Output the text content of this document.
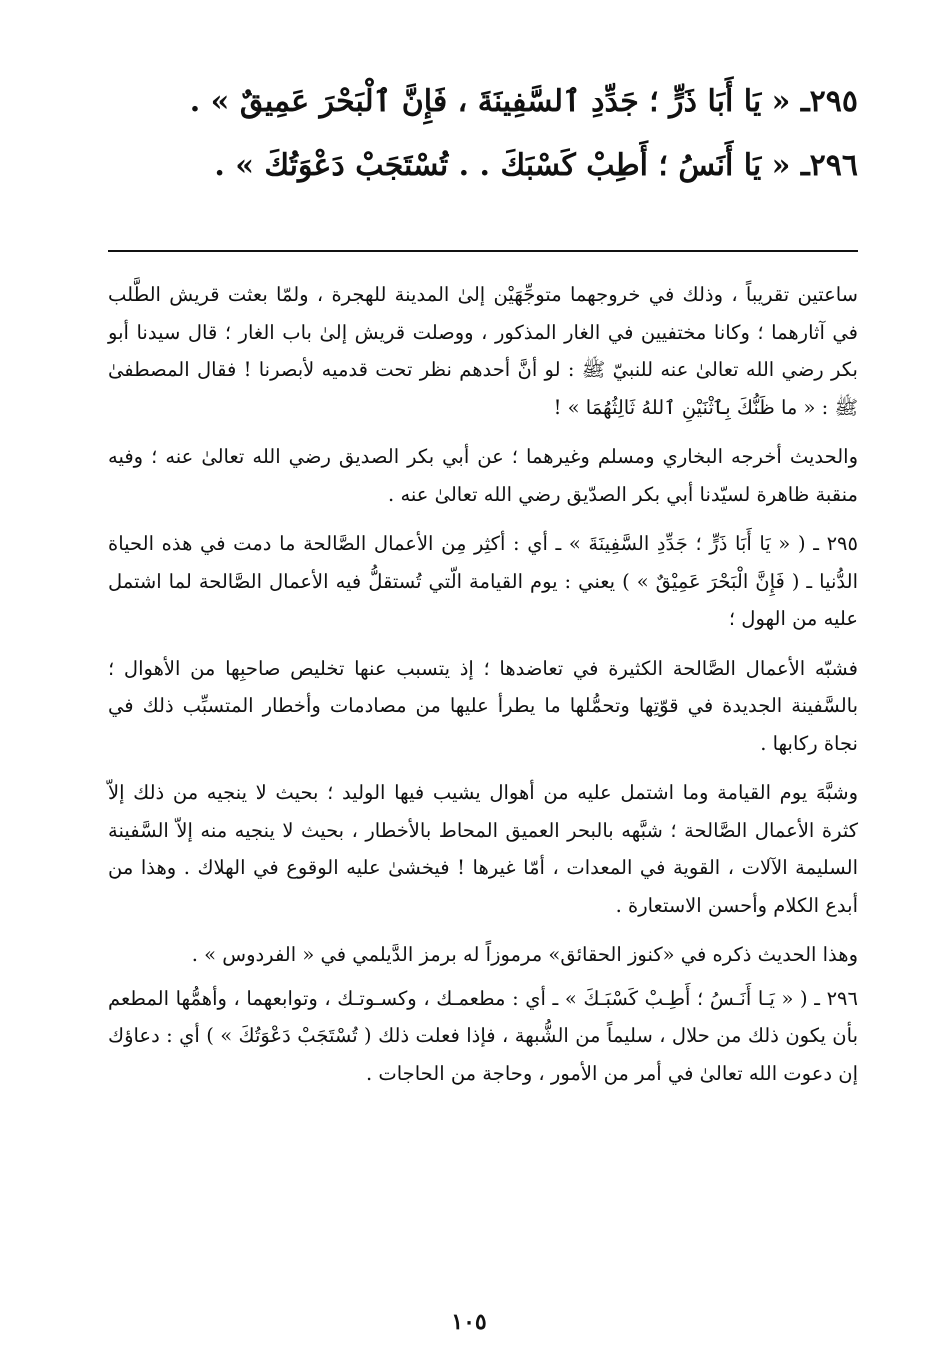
٢٩٥ـ « يَا أَبَا ذَرٍّ ؛ جَدِّدِ ٱلسَّفِينَةَ ، فَإِنَّ ٱلْبَحْرَ عَمِيقٌ » .

٢٩٦ـ « يَا أَنَسُ ؛ أَطِبْ كَسْبَكَ . . تُسْتَجَبْ دَعْوَتُكَ » .

ساعتين تقريباً ، وذلك في خروجهما متوجِّهَيْن إلىٰ المدينة للهجرة ، ولمّا بعثت قريش الطَّلب في آثارهما ؛ وكانا مختفيين في الغار المذكور ، ووصلت قريش إلىٰ باب الغار ؛ قال سيدنا أبو بكر رضي الله تعالىٰ عنه للنبيّ ﷺ : لو أنَّ أحدهم نظر تحت قدميه لأبصرنا ! فقال المصطفىٰ ﷺ : « ما ظَنُّكَ بِٱثْنَيْنِ ٱللهُ ثَالِثُهُمَا » !

والحديث أخرجه البخاري ومسلم وغيرهما ؛ عن أبي بكر الصديق رضي الله تعالىٰ عنه ؛ وفيه منقبة ظاهرة لسيّدنا أبي بكر الصدّيق رضي الله تعالىٰ عنه .

٢٩٥ ـ ( « يَا أَبَا ذَرٍّ ؛ جَدِّدِ السَّفِينَةَ » ـ أي : أكثِر مِن الأعمال الصَّالحة ما دمت في هذه الحياة الدُّنيا ـ ( فَإِنَّ الْبَحْرَ عَمِيْقٌ » ) يعني : يوم القيامة الّتي تُستقلُّ فيه الأعمال الصَّالحة لما اشتمل عليه من الهول ؛

فشبّه الأعمال الصَّالحة الكثيرة في تعاضدها ؛ إذ يتسبب عنها تخليص صاحبِها من الأهوال ؛ بالسَّفينة الجديدة في قوّتِها وتحمُّلها ما يطرأ عليها من مصادمات وأخطار المتسبِّب ذلك في نجاة ركابها .

وشبَّهَ يوم القيامة وما اشتمل عليه من أهوال يشيب فيها الوليد ؛ بحيث لا ينجيه من ذلك إلاّ كثرة الأعمال الصَّالحة ؛ شبَّهه بالبحر العميق المحاط بالأخطار ، بحيث لا ينجيه منه إلاّ السَّفينة السليمة الآلات ، القوية في المعدات ، أمّا غيرها ! فيخشىٰ عليه الوقوع في الهلاك . وهذا من أبدع الكلام وأحسن الاستعارة .

وهذا الحديث ذكره في «كنوز الحقائق» مرموزاً له برمز الدَّيلمي في « الفردوس » .

٢٩٦ ـ ( « يَـا أَنَـسُ ؛ أَطِـبْ كَسْبَـكَ » ـ أي : مطعمـك ، وكسـوتـك ، وتوابعهما ، وأهمُّها المطعم بأن يكون ذلك من حلال ، سليماً من الشُّبهة ، فإذا فعلت ذلك ( تُسْتَجَبْ دَعْوَتُكَ » ) أي : دعاؤك إن دعوت الله تعالىٰ في أمر من الأمور ، وحاجة من الحاجات .

١٠٥
